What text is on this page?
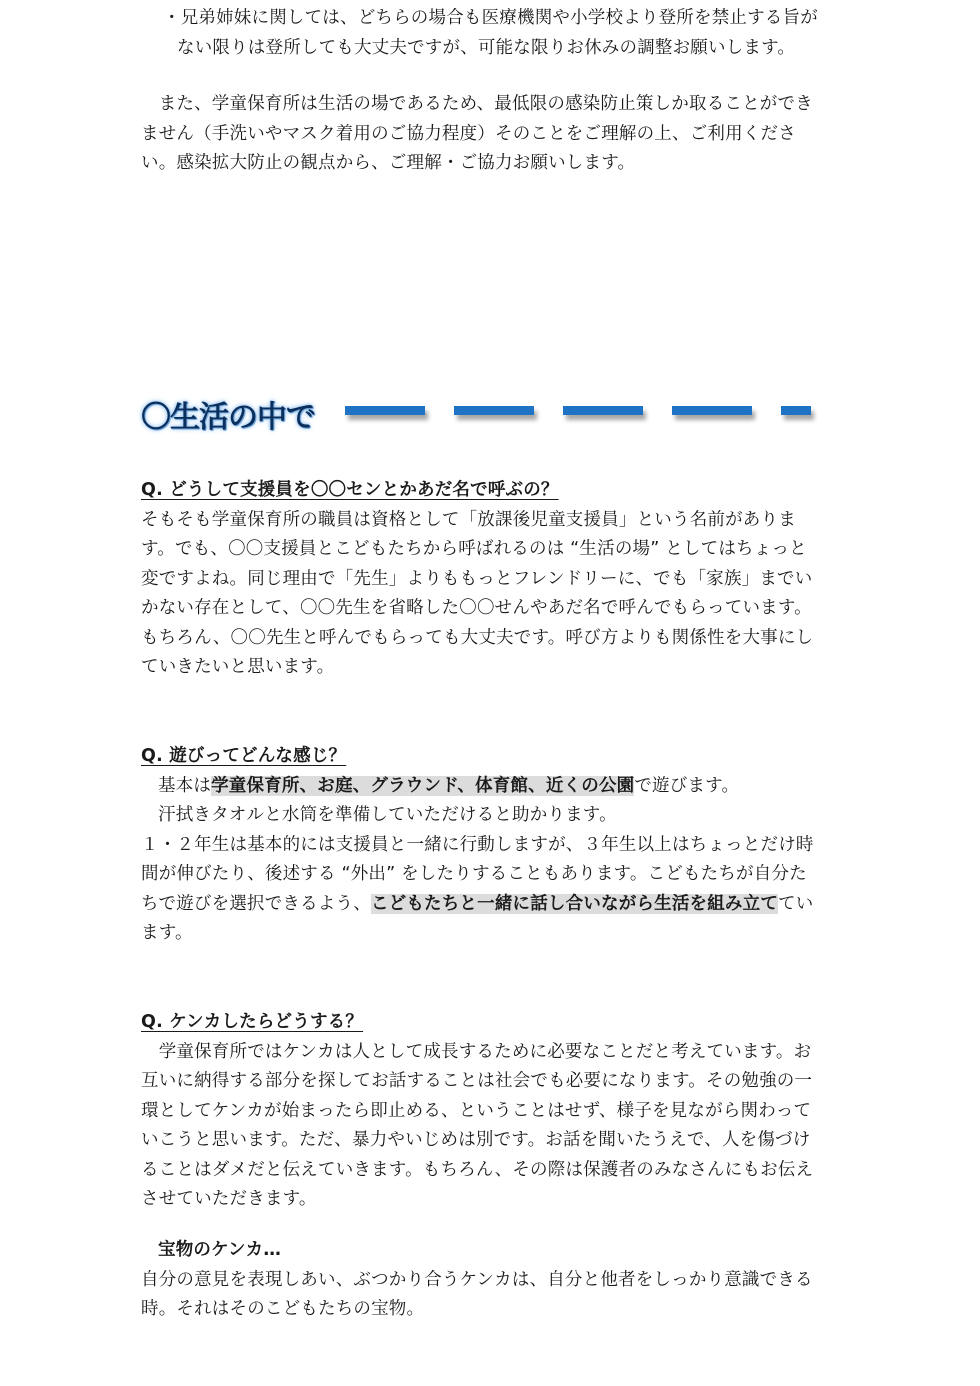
・兄弟姉妹に関しては、どちらの場合も医療機関や小学校より登所を禁止する旨が

ない限りは登所しても大丈夫ですが、可能な限りお休みの調整お願いします。

　また、学童保育所は生活の場であるため、最低限の感染防止策しか取ることができ

ません（手洗いやマスク着用のご協力程度）そのことをご理解の上、ご利用くださ

い。感染拡大防止の観点から、ご理解・ご協力お願いします。

〇生活の中で

Q. どうして支援員を〇〇センとかあだ名で呼ぶの？

そもそも学童保育所の職員は資格として「放課後児童支援員」という名前がありま

す。でも、〇〇支援員とこどもたちから呼ばれるのは “生活の場” としてはちょっと

変ですよね。同じ理由で「先生」よりももっとフレンドリーに、でも「家族」までい

かない存在として、〇〇先生を省略した〇〇せんやあだ名で呼んでもらっています。

もちろん、〇〇先生と呼んでもらっても大丈夫です。呼び方よりも関係性を大事にし

ていきたいと思います。

Q. 遊びってどんな感じ？

基本は学童保育所、お庭、グラウンド、体育館、近くの公園で遊びます。

汗拭きタオルと水筒を準備していただけると助かります。

１・２年生は基本的には支援員と一緒に行動しますが、３年生以上はちょっとだけ時

間が伸びたり、後述する “外出” をしたりすることもあります。こどもたちが自分た

ちで遊びを選択できるよう、こどもたちと一緒に話し合いながら生活を組み立ててい

ます。

Q. ケンカしたらどうする？

　学童保育所ではケンカは人として成長するために必要なことだと考えています。お

互いに納得する部分を探してお話することは社会でも必要になります。その勉強の一

環としてケンカが始まったら即止める、ということはせず、様子を見ながら関わって

いこうと思います。ただ、暴力やいじめは別です。お話を聞いたうえで、人を傷づけ

ることはダメだと伝えていきます。もちろん、その際は保護者のみなさんにもお伝え

させていただきます。

宝物のケンカ…

自分の意見を表現しあい、ぶつかり合うケンカは、自分と他者をしっかり意識できる

時。それはそのこどもたちの宝物。
